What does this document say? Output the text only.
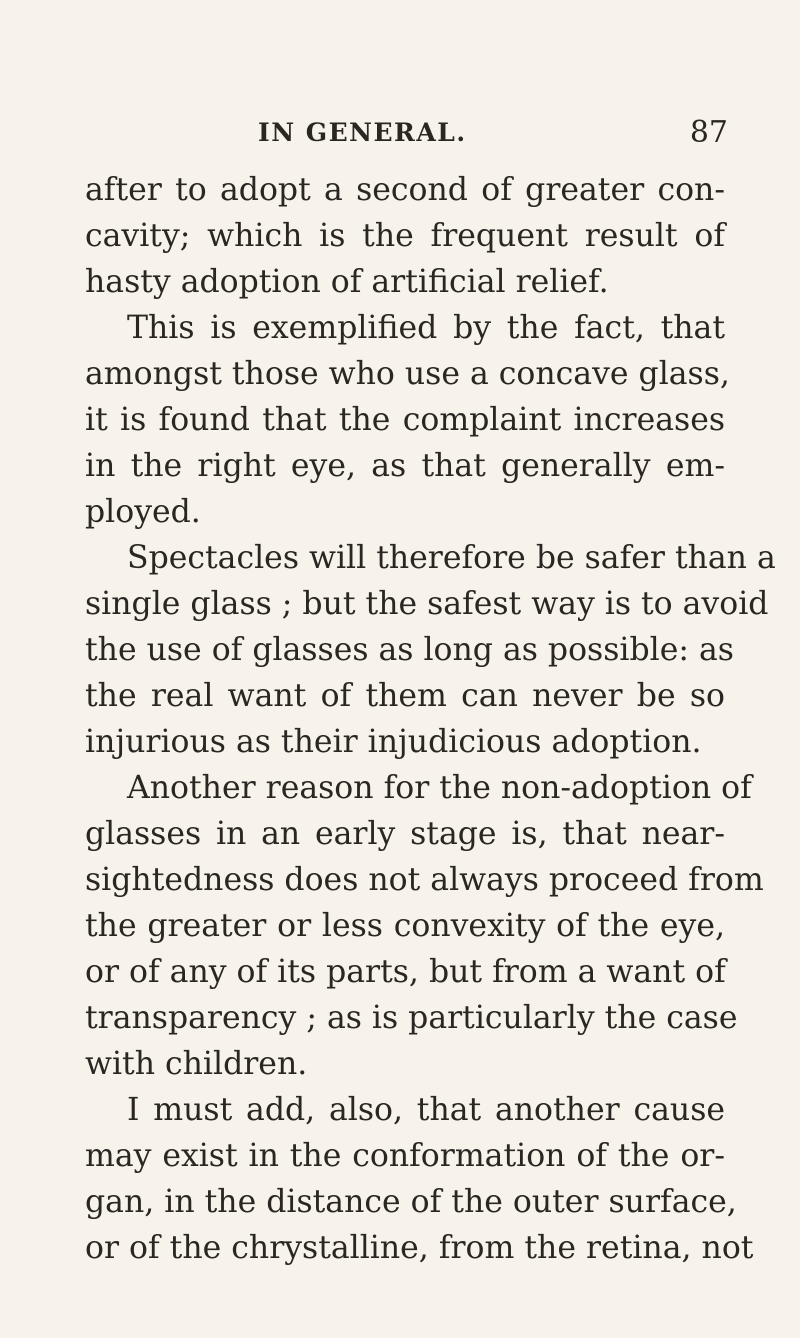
IN GENERAL.	87
after to adopt a second of greater con-
cavity; which is the frequent result of
hasty adoption of artificial relief.
This is exemplified by the fact, that
amongst those who use a concave glass,
it is found that the complaint increases
in the right eye, as that generally em-
ployed.
Spectacles will therefore be safer than a
single glass ; but the safest way is to avoid
the use of glasses as long as possible: as
the real want of them can never be so
injurious as their injudicious adoption.
Another reason for the non-adoption of
glasses in an early stage is, that near-
sightedness does not always proceed from
the greater or less convexity of the eye,
or of any of its parts, but from a want of
transparency ; as is particularly the case
with children.
I must add, also, that another cause
may exist in the conformation of the or-
gan, in the distance of the outer surface,
or of the chrystalline, from the retina, not
